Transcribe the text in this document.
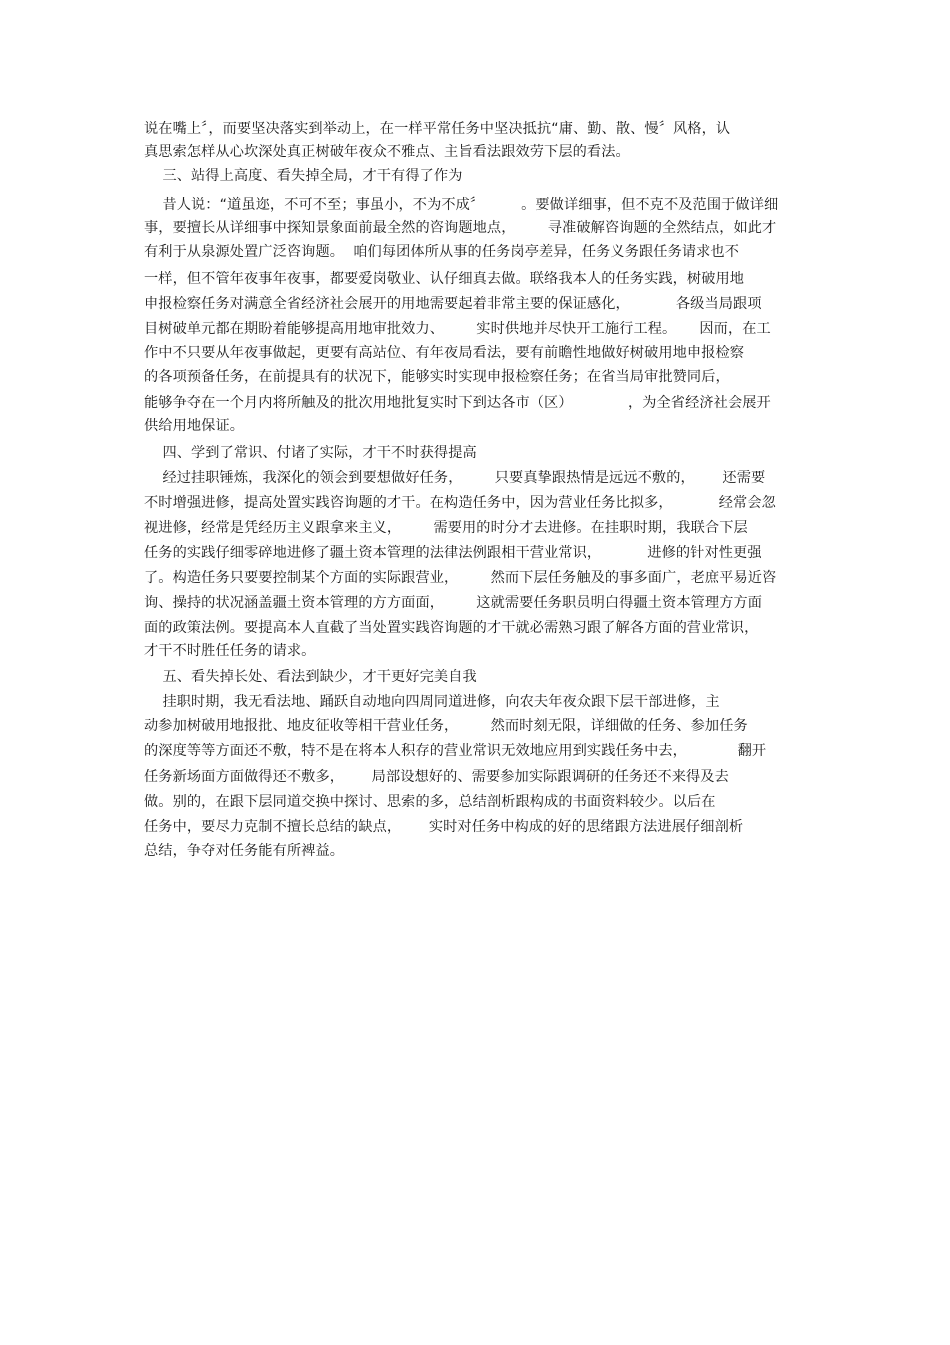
说在嘴上〞，而要坚决落实到举动上，在一样平常任务中坚决抵抗“庸、勤、散、慢〞风格，认
真思索怎样从心坎深处真正树破年夜众不雅点、主旨看法跟效劳下层的看法。
三、站得上高度、看失掉全局，才干有得了作为
昔人说：“道虽迩，不可不至；事虽小，不为不成〞        。要做详细事，但不克不及范围于做详细
事，要擅长从详细事中探知景象面前最全然的咨询题地点，       寻准破解咨询题的全然结点，如此才
有利于从泉源处置广泛咨询题。  咱们每团体所从事的任务岗亭差异，任务义务跟任务请求也不
一样，但不管年夜事年夜事，都要爱岗敬业、认仔细真去做。联络我本人的任务实践，树破用地
申报检察任务对满意全省经济社会展开的用地需要起着非常主要的保证感化，          各级当局跟项
目树破单元都在期盼着能够提高用地审批效力、       实时供地并尽快开工施行工程。     因而，在工
作中不只要从年夜事做起，更要有高站位、有年夜局看法，要有前瞻性地做好树破用地申报检察
的各项预备任务，在前提具有的状况下，能够实时实现申报检察任务；在省当局审批赞同后，
能够争夺在一个月内将所触及的批次用地批复实时下到达各市（区）            ，为全省经济社会展开
供给用地保证。
四、学到了常识、付诸了实际，才干不时获得提高
经过挂职锤炼，我深化的领会到要想做好任务，       只要真挚跟热情是远远不敷的，      还需要
不时增强进修，提高处置实践咨询题的才干。在构造任务中，因为营业任务比拟多，          经常会忽
视进修，经常是凭经历主义跟拿来主义，       需要用的时分才去进修。在挂职时期，我联合下层
任务的实践仔细零碎地进修了疆土资本管理的法律法例跟相干营业常识，          进修的针对性更强
了。构造任务只要要控制某个方面的实际跟营业，       然而下层任务触及的事多面广，老庶平易近咨
询、操持的状况涵盖疆土资本管理的方方面面，       这就需要任务职员明白得疆土资本管理方方面
面的政策法例。要提高本人直截了当处置实践咨询题的才干就必需熟习跟了解各方面的营业常识，
才干不时胜任任务的请求。
五、看失掉长处、看法到缺少，才干更好完美自我
挂职时期，我无看法地、踊跃自动地向四周同道进修，向农夫年夜众跟下层干部进修，主
动参加树破用地报批、地皮征收等相干营业任务，       然而时刻无限，详细做的任务、参加任务
的深度等等方面还不敷，特不是在将本人积存的营业常识无效地应用到实践任务中去，           翻开
任务新场面方面做得还不敷多，      局部设想好的、需要参加实际跟调研的任务还不来得及去
做。别的，在跟下层同道交换中探讨、思索的多，总结剖析跟构成的书面资料较少。以后在
任务中，要尽力克制不擅长总结的缺点，      实时对任务中构成的好的思绪跟方法进展仔细剖析
总结，争夺对任务能有所裨益。
